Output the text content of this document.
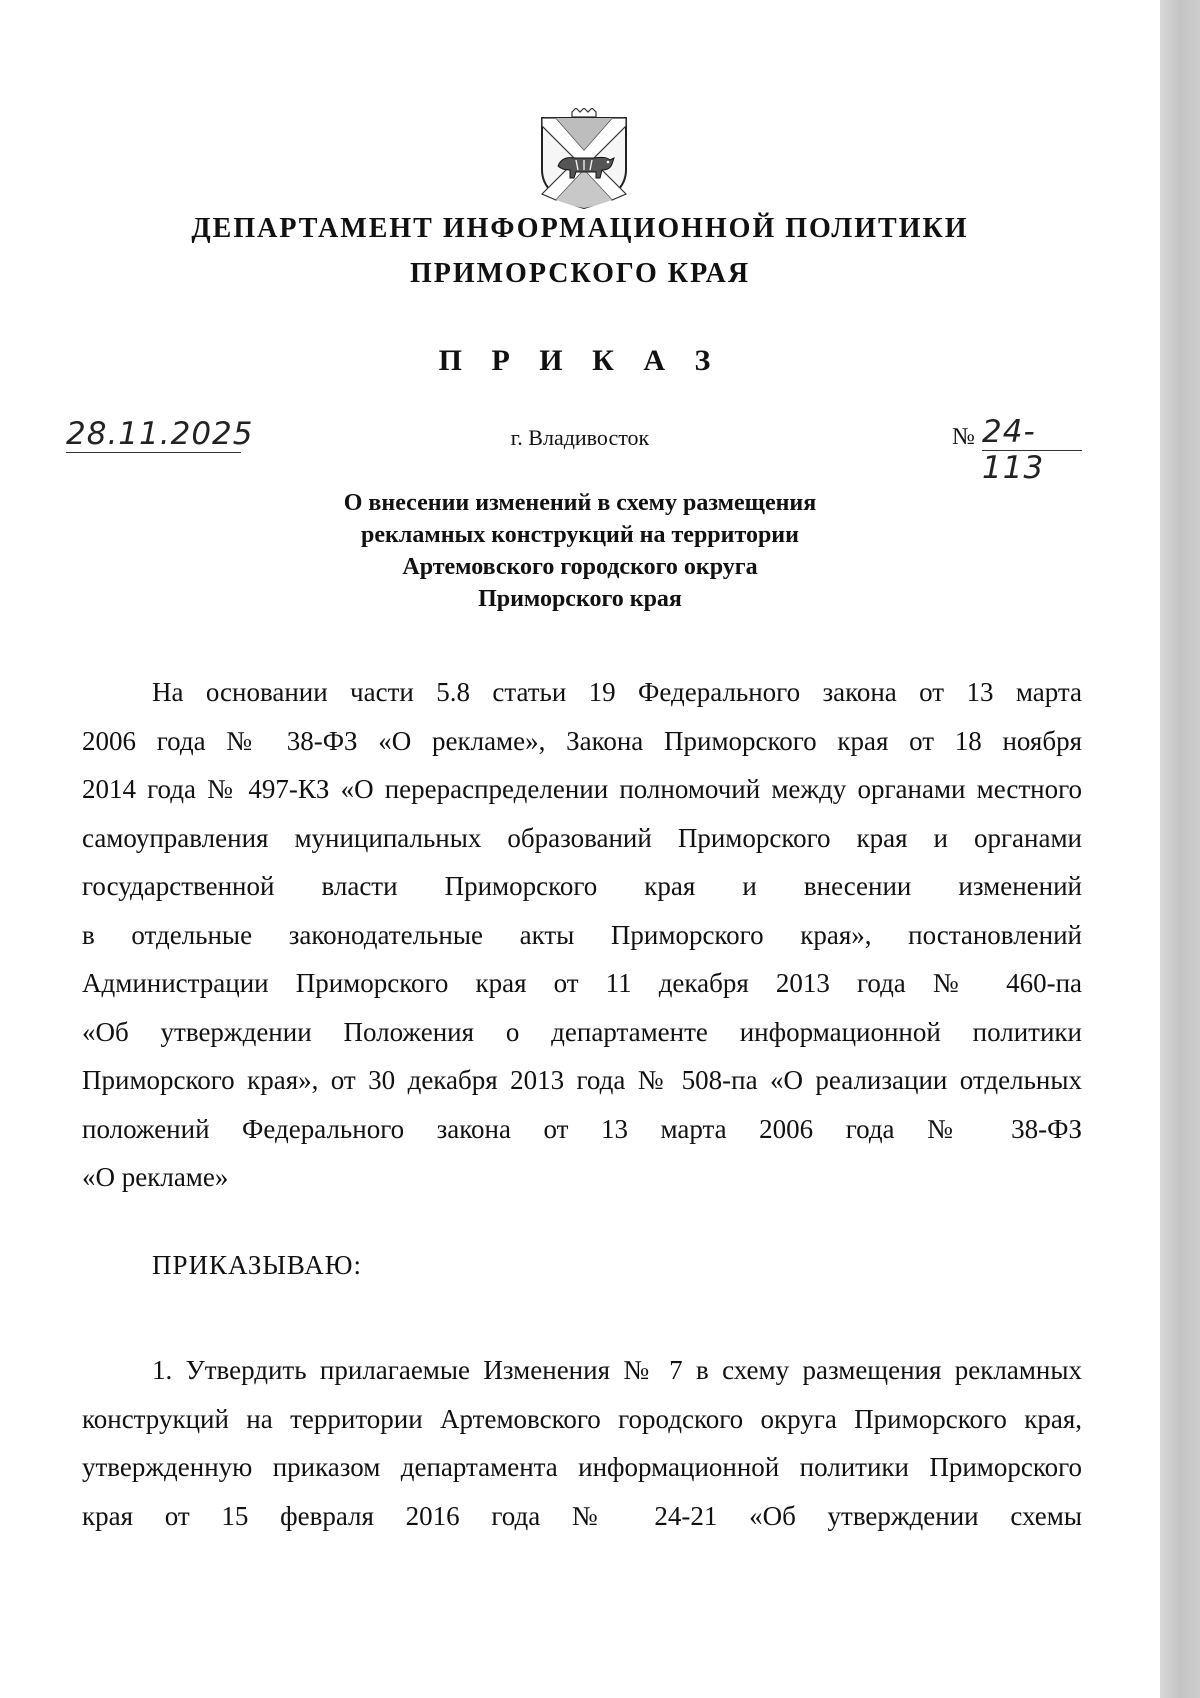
ДЕПАРТАМЕНТ ИНФОРМАЦИОННОЙ ПОЛИТИКИ
ПРИМОРСКОГО КРАЯ
П Р И К А З
28.11.2025	г. Владивосток	№ 24-113
О внесении изменений в схему размещения
рекламных конструкций на территории
Артемовского городского округа
Приморского края
На основании части 5.8 статьи 19 Федерального закона от 13 марта
2006 года № 38-ФЗ «О рекламе», Закона Приморского края от 18 ноября
2014 года № 497-КЗ «О перераспределении полномочий между органами местного
самоуправления муниципальных образований Приморского края и органами
государственной власти Приморского края и внесении изменений
в отдельные законодательные акты Приморского края», постановлений
Администрации Приморского края от 11 декабря 2013 года № 460-па
«Об утверждении Положения о департаменте информационной политики
Приморского края», от 30 декабря 2013 года № 508-па «О реализации отдельных
положений Федерального закона от 13 марта 2006 года № 38-ФЗ
«О рекламе»
ПРИКАЗЫВАЮ:
1. Утвердить прилагаемые Изменения № 7 в схему размещения рекламных
конструкций на территории Артемовского городского округа Приморского края,
утвержденную приказом департамента информационной политики Приморского
края от 15 февраля 2016 года № 24-21 «Об утверждении схемы
